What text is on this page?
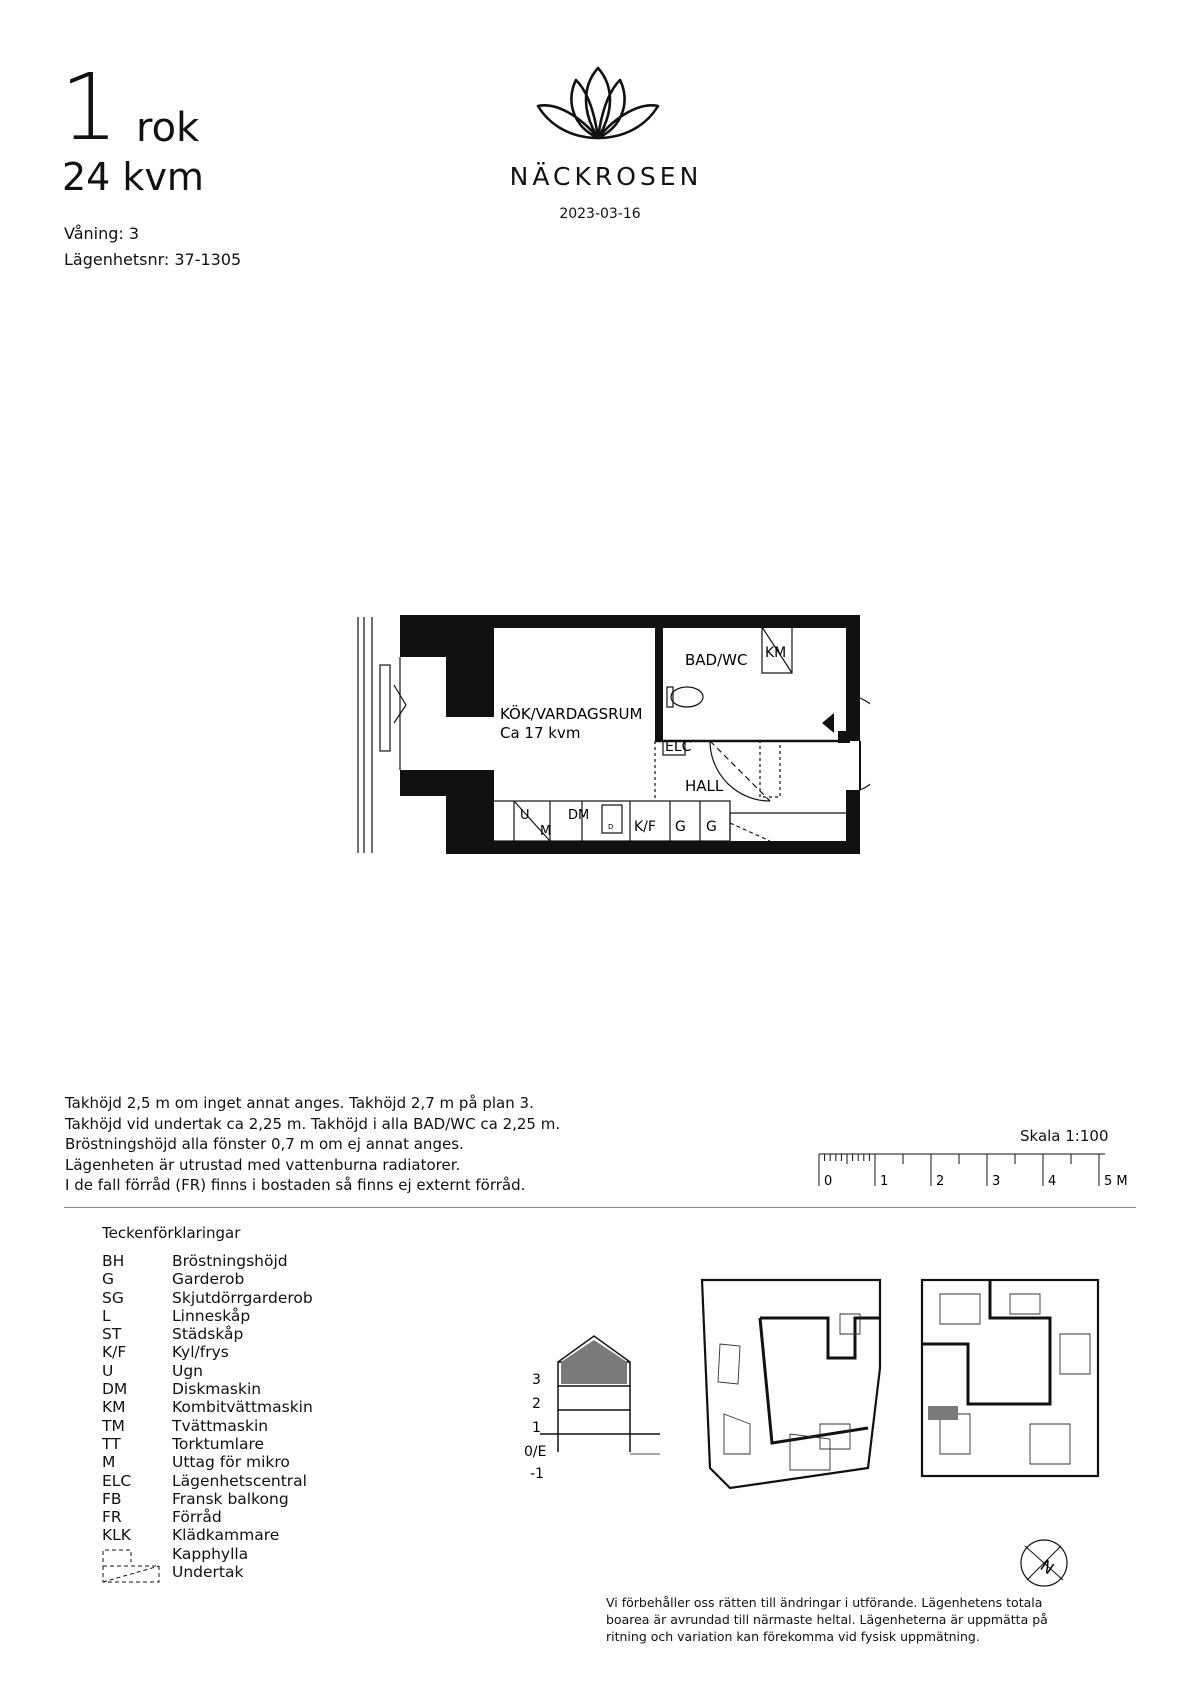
1 rok
24 kvm
Våning: 3
Lägenhetsnr: 37-1305
NÄCKROSEN
2023-03-16
KÖK/VARDAGSRUM
Ca 17 kvm
BAD/WC KM
ELC
HALL
U
M
DM
D K/F G G
Takhöjd 2,5 m om inget annat anges. Takhöjd 2,7 m på plan 3.
Takhöjd vid undertak ca 2,25 m. Takhöjd i alla BAD/WC ca 2,25 m.
Bröstningshöjd alla fönster 0,7 m om ej annat anges.
Lägenheten är utrustad med vattenburna radiatorer.
I de fall förråd (FR) finns i bostaden så finns ej externt förråd.
Skala 1:100
0	1	2	3	4	5 M
Teckenförklaringar
BH	Bröstningshöjd
G	Garderob
SG	Skjutdörrgarderob
L	Linneskåp
ST	Städskåp
K/F	Kyl/frys
U	Ugn
DM	Diskmaskin
KM	Kombitvättmaskin
TM	Tvättmaskin
TT	Torktumlare
M	Uttag för mikro
ELC	Lägenhetscentral
FB	Fransk balkong
FR	Förråd
KLK	Klädkammare
Kapphylla
Undertak
3
2
1
0/E
-1
N
Vi förbehåller oss rätten till ändringar i utförande. Lägenhetens totala
boarea är avrundad till närmaste heltal. Lägenheterna är uppmätta på
ritning och variation kan förekomma vid fysisk uppmätning.
